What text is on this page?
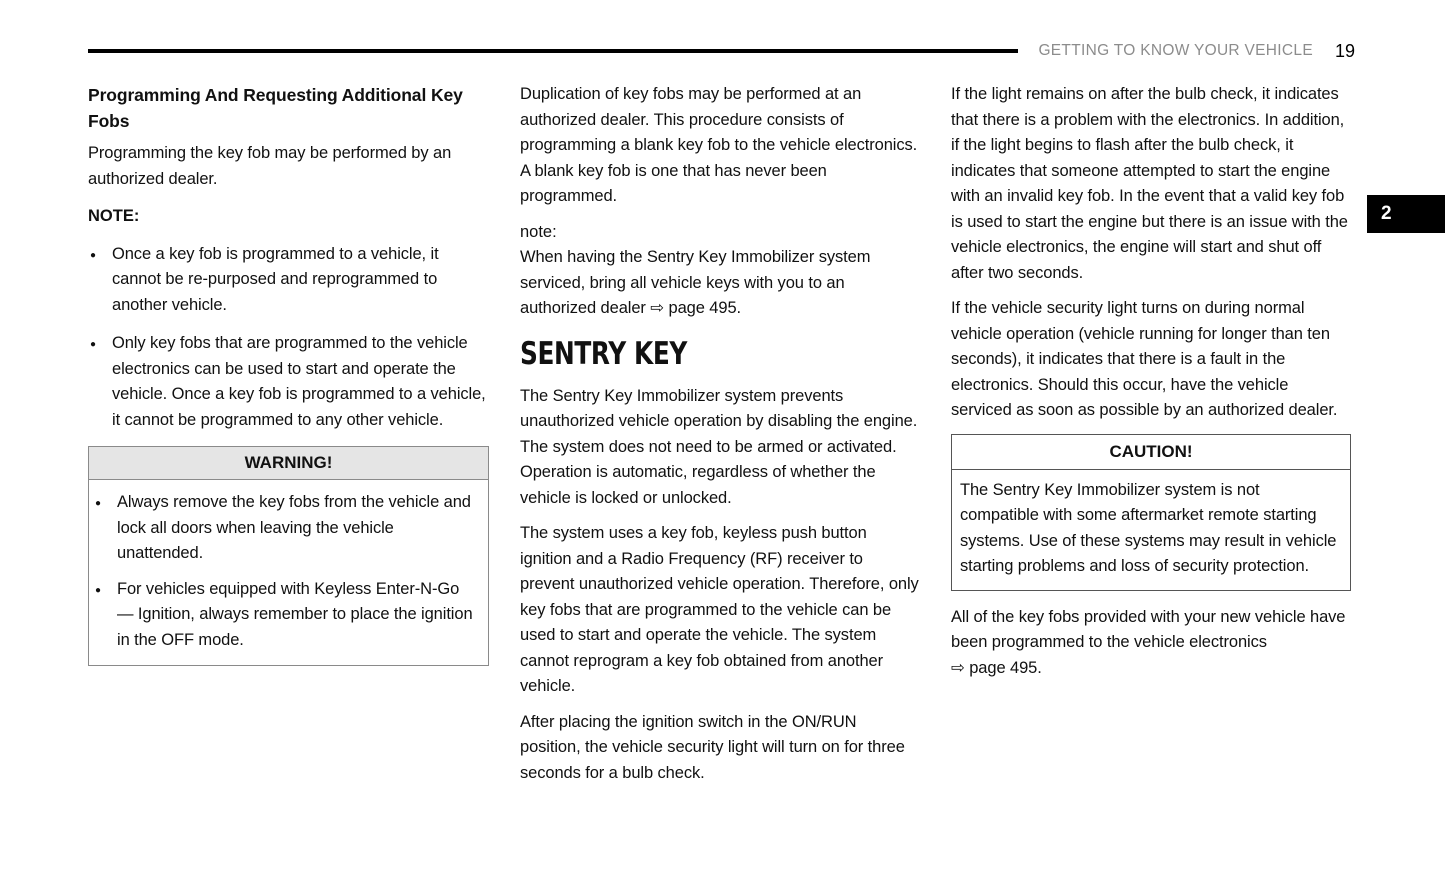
GETTING TO KNOW YOUR VEHICLE 19
2
Programming And Requesting Additional Key Fobs

Programming the key fob may be performed by an authorized dealer.

NOTE:
● Once a key fob is programmed to a vehicle, it cannot be re-purposed and reprogrammed to another vehicle.
● Only key fobs that are programmed to the vehicle electronics can be used to start and operate the vehicle. Once a key fob is programmed to a vehicle, it cannot be programmed to any other vehicle.
WARNING!
● Always remove the key fobs from the vehicle and lock all doors when leaving the vehicle unattended.
● For vehicles equipped with Keyless Enter-N-Go — Ignition, always remember to place the ignition in the OFF mode.

Duplication of key fobs may be performed at an authorized dealer. This procedure consists of programming a blank key fob to the vehicle electronics. A blank key fob is one that has never been programmed.

note:

When having the Sentry Key Immobilizer system serviced, bring all vehicle keys with you to an authorized dealer ⇨ page 495.

SENTRY KEY

The Sentry Key Immobilizer system prevents unauthorized vehicle operation by disabling the engine. The system does not need to be armed or activated. Operation is automatic, regardless of whether the vehicle is locked or unlocked.

The system uses a key fob, keyless push button ignition and a Radio Frequency (RF) receiver to prevent unauthorized vehicle operation. Therefore, only key fobs that are programmed to the vehicle can be used to start and operate the vehicle. The system cannot reprogram a key fob obtained from another vehicle.

After placing the ignition switch in the ON/RUN position, the vehicle security light will turn on for three seconds for a bulb check.

If the light remains on after the bulb check, it indicates that there is a problem with the electronics. In addition, if the light begins to flash after the bulb check, it indicates that someone attempted to start the engine with an invalid key fob. In the event that a valid key fob is used to start the engine but there is an issue with the vehicle electronics, the engine will start and shut off after two seconds.

If the vehicle security light turns on during normal vehicle operation (vehicle running for longer than ten seconds), it indicates that there is a fault in the electronics. Should this occur, have the vehicle serviced as soon as possible by an authorized dealer.

CAUTION!
The Sentry Key Immobilizer system is not compatible with some aftermarket remote starting systems. Use of these systems may result in vehicle starting problems and loss of security protection.

All of the key fobs provided with your new vehicle have been programmed to the vehicle electronics ⇨ page 495.
